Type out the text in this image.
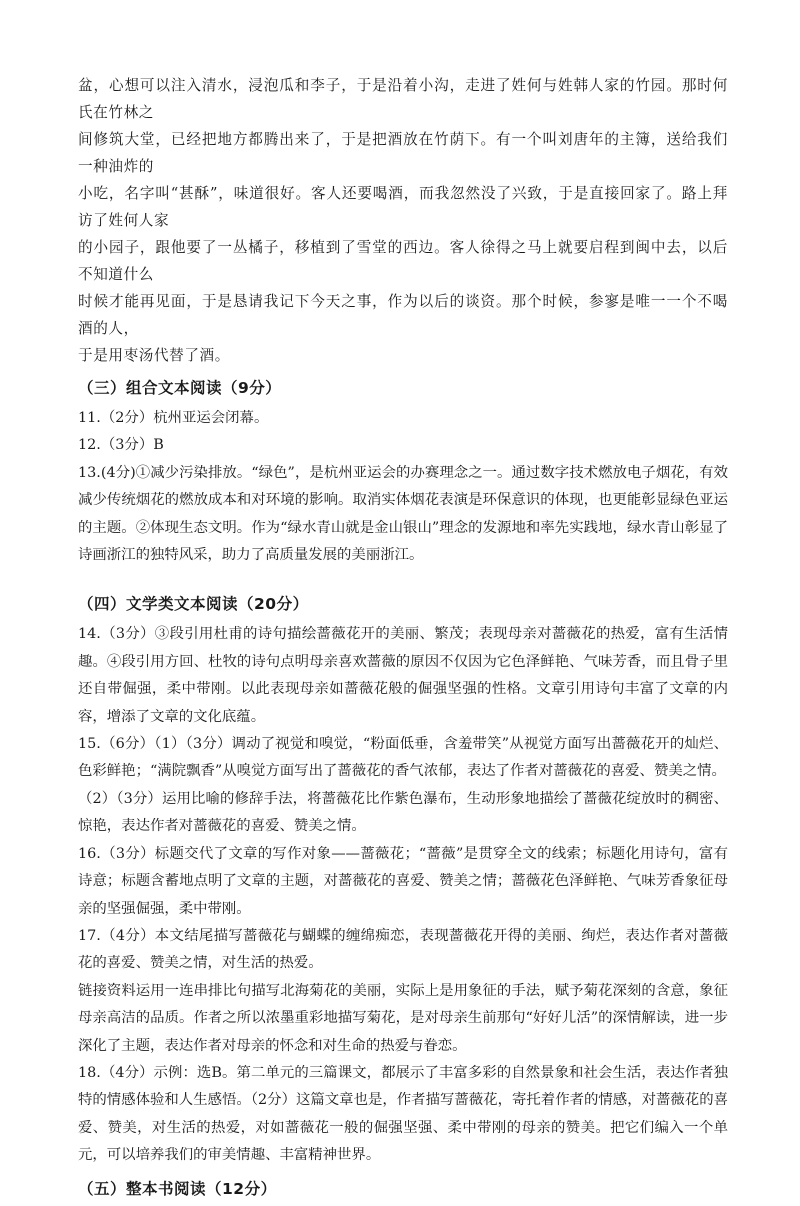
盆，心想可以注入清水，浸泡瓜和李子，于是沿着小沟，走进了姓何与姓韩人家的竹园。那时何氏在竹林之

间修筑大堂，已经把地方都腾出来了，于是把酒放在竹荫下。有一个叫刘唐年的主簿，送给我们一种油炸的

小吃，名字叫“甚酥”，味道很好。客人还要喝酒，而我忽然没了兴致，于是直接回家了。路上拜访了姓何人家

的小园子，跟他要了一丛橘子，移植到了雪堂的西边。客人徐得之马上就要启程到闽中去，以后不知道什么

时候才能再见面，于是恳请我记下今天之事，作为以后的谈资。那个时候，参寥是唯一一个不喝酒的人，

于是用枣汤代替了酒。

（三）组合文本阅读（9分）

11.（2分）杭州亚运会闭幕。

12.（3分）B

13.(4分)①减少污染排放。“绿色”，是杭州亚运会的办赛理念之一。通过数字技术燃放电子烟花，有效减少传统烟花的燃放成本和对环境的影响。取消实体烟花表演是环保意识的体现，也更能彰显绿色亚运的主题。②体现生态文明。作为“绿水青山就是金山银山”理念的发源地和率先实践地，绿水青山彰显了诗画浙江的独特风采，助力了高质量发展的美丽浙江。

（四）文学类文本阅读（20分）

14.（3分）③段引用杜甫的诗句描绘蔷薇花开的美丽、繁茂；表现母亲对蔷薇花的热爱，富有生活情趣。④段引用方回、杜牧的诗句点明母亲喜欢蔷薇的原因不仅因为它色泽鲜艳、气味芳香，而且骨子里还自带倔强，柔中带刚。以此表现母亲如蔷薇花般的倔强坚强的性格。文章引用诗句丰富了文章的内容，增添了文章的文化底蕴。

15.（6分）（1）（3分）调动了视觉和嗅觉，“粉面低垂，含羞带笑”从视觉方面写出蔷薇花开的灿烂、色彩鲜艳；“满院飘香”从嗅觉方面写出了蔷薇花的香气浓郁，表达了作者对蔷薇花的喜爱、赞美之情。

（2）（3分）运用比喻的修辞手法，将蔷薇花比作紫色瀑布，生动形象地描绘了蔷薇花绽放时的稠密、惊艳，表达作者对蔷薇花的喜爱、赞美之情。

16.（3分）标题交代了文章的写作对象——蔷薇花；“蔷薇”是贯穿全文的线索；标题化用诗句，富有诗意；标题含蓄地点明了文章的主题，对蔷薇花的喜爱、赞美之情；蔷薇花色泽鲜艳、气味芳香象征母亲的坚强倔强，柔中带刚。

17.（4分）本文结尾描写蔷薇花与蝴蝶的缠绵痴恋，表现蔷薇花开得的美丽、绚烂，表达作者对蔷薇花的喜爱、赞美之情，对生活的热爱。

链接资料运用一连串排比句描写北海菊花的美丽，实际上是用象征的手法，赋予菊花深刻的含意，象征母亲高洁的品质。作者之所以浓墨重彩地描写菊花，是对母亲生前那句“好好儿活”的深情解读，进一步深化了主题，表达作者对母亲的怀念和对生命的热爱与眷恋。

18.（4分）示例：选B。第二单元的三篇课文，都展示了丰富多彩的自然景象和社会生活，表达作者独特的情感体验和人生感悟。（2分）这篇文章也是，作者描写蔷薇花，寄托着作者的情感，对蔷薇花的喜爱、赞美，对生活的热爱，对如蔷薇花一般的倔强坚强、柔中带刚的母亲的赞美。把它们编入一个单元，可以培养我们的审美情趣、丰富精神世界。

（五）整本书阅读（12分）
